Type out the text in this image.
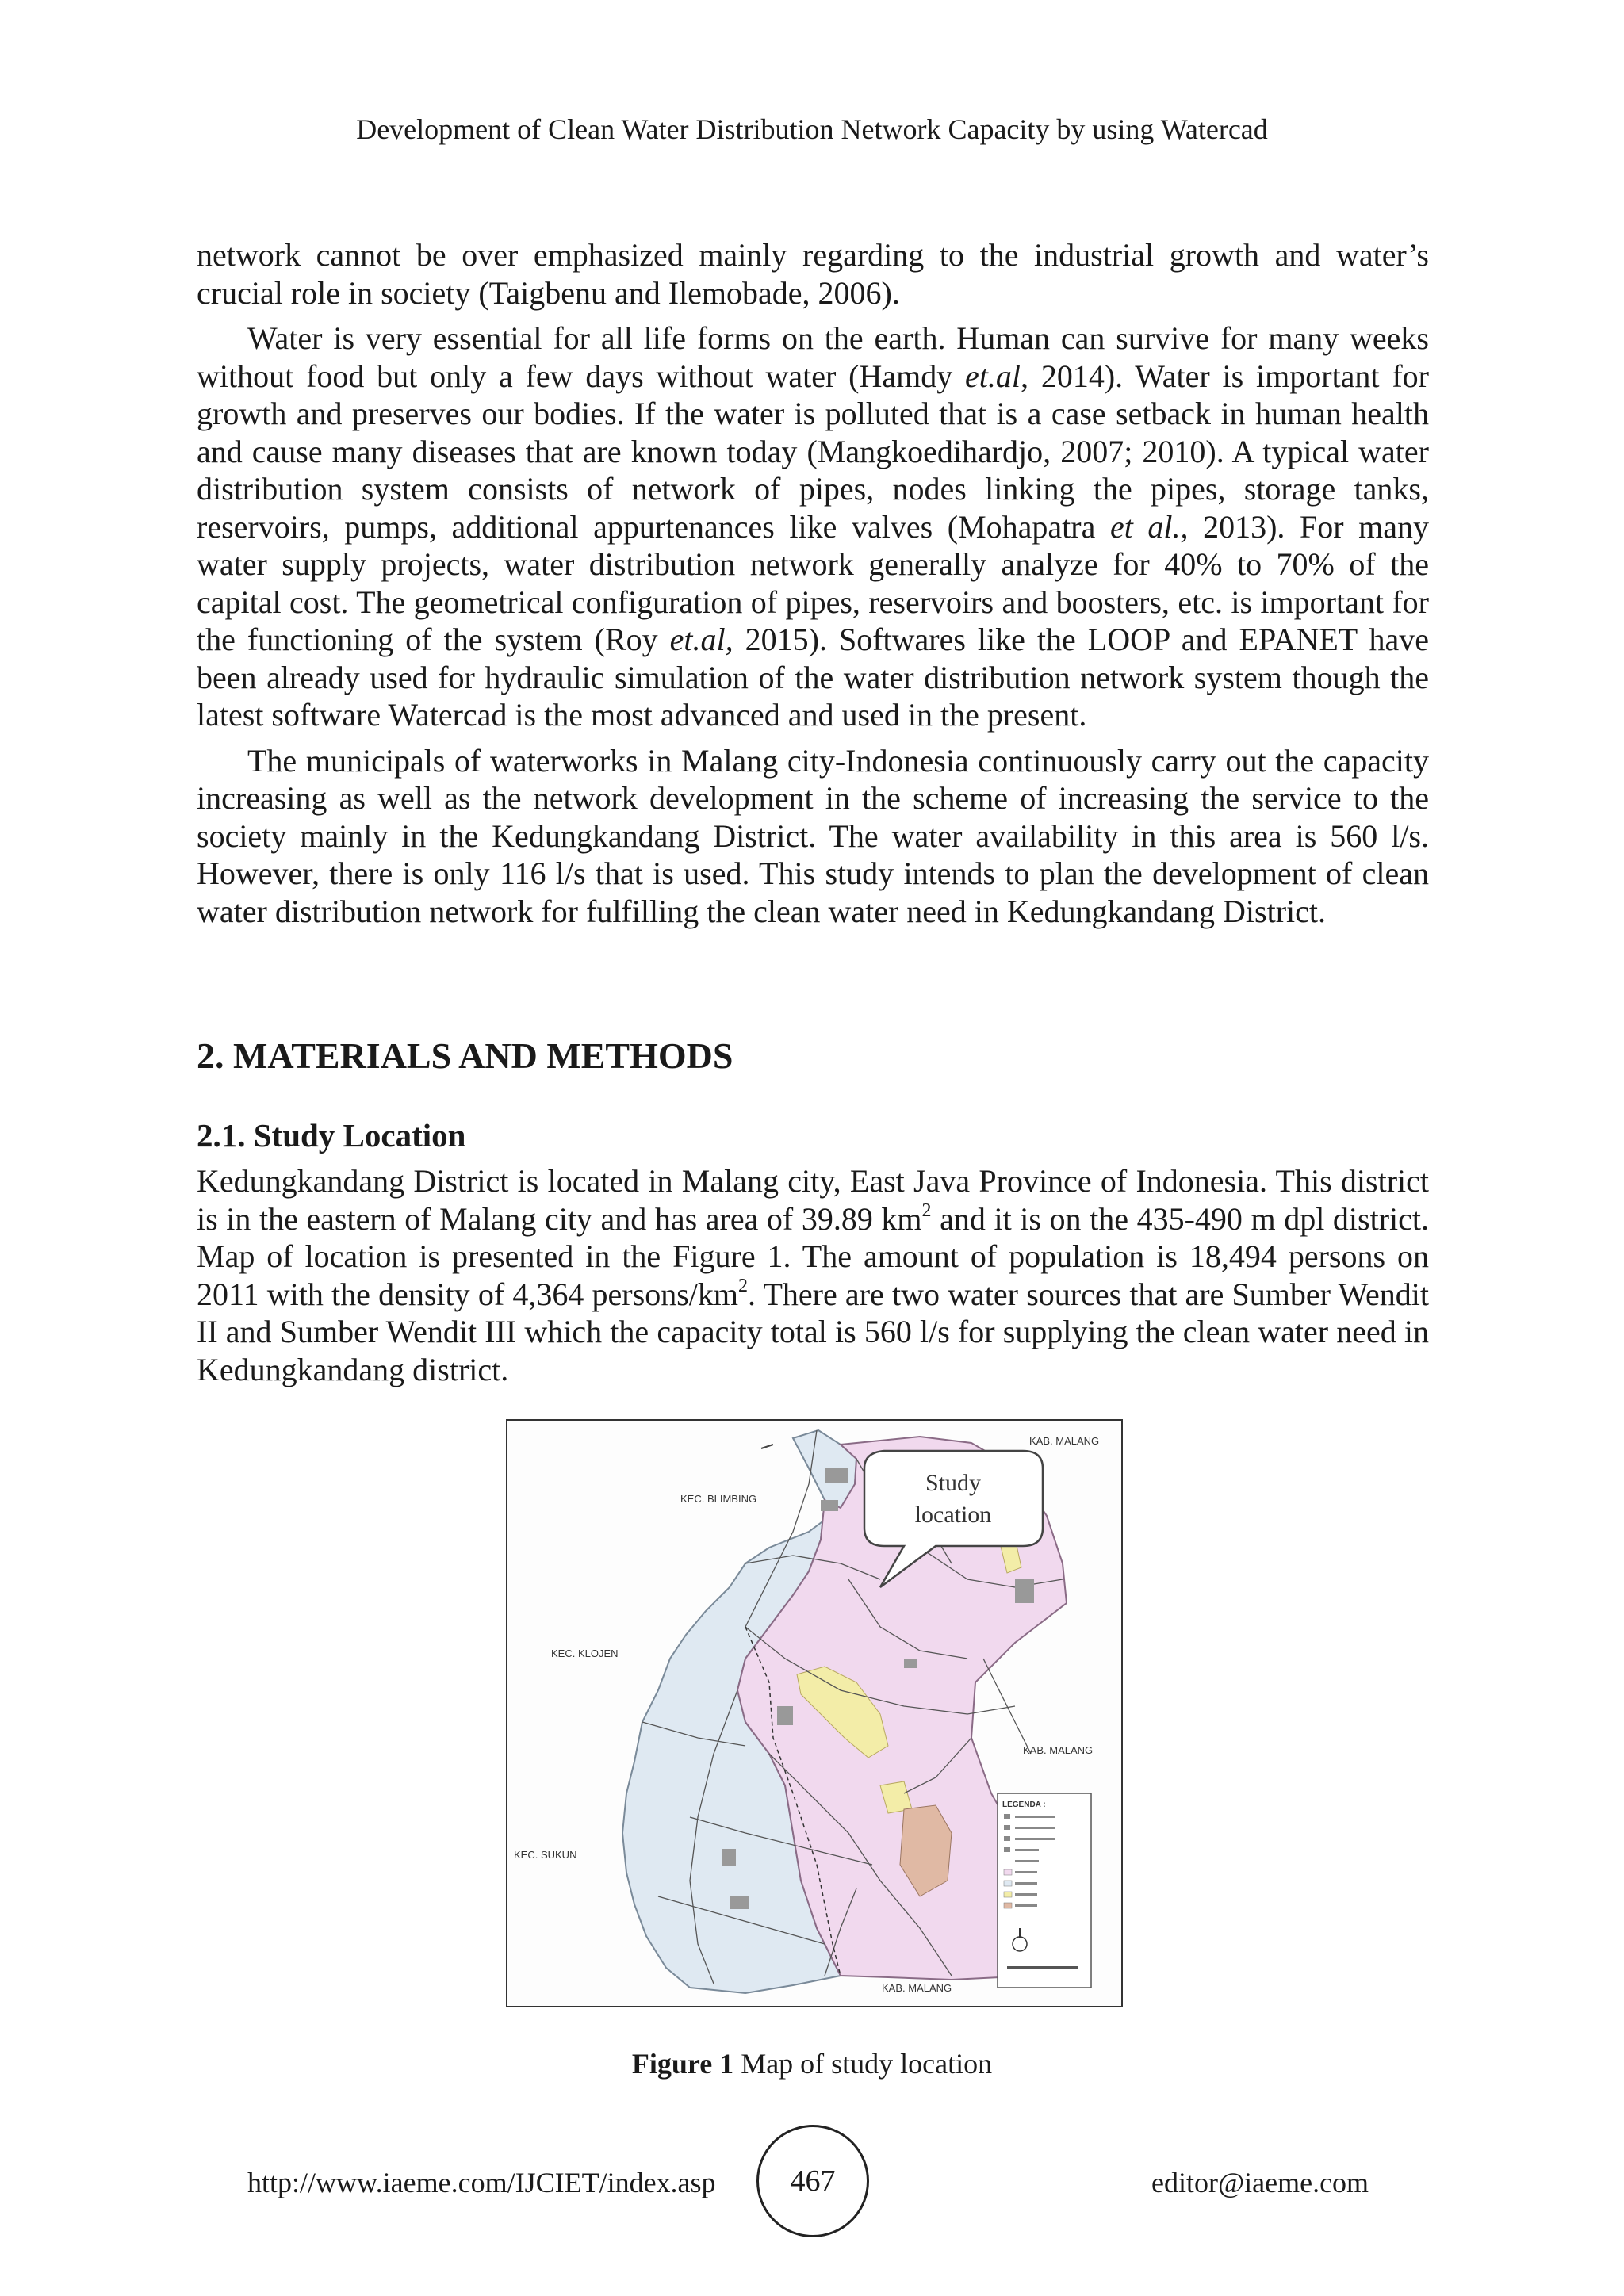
Development of Clean Water Distribution Network Capacity by using Watercad

network cannot be over emphasized mainly regarding to the industrial growth and water’s crucial role in society (Taigbenu and Ilemobade, 2006).

Water is very essential for all life forms on the earth. Human can survive for many weeks without food but only a few days without water (Hamdy et.al, 2014). Water is important for growth and preserves our bodies. If the water is polluted that is a case setback in human health and cause many diseases that are known today (Mangkoedihardjo, 2007; 2010). A typical water distribution system consists of network of pipes, nodes linking the pipes, storage tanks, reservoirs, pumps, additional appurtenances like valves (Mohapatra et al., 2013). For many water supply projects, water distribution network generally analyze for 40% to 70% of the capital cost. The geometrical configuration of pipes, reservoirs and boosters, etc. is important for the functioning of the system (Roy et.al, 2015). Softwares like the LOOP and EPANET have been already used for hydraulic simulation of the water distribution network system though the latest software Watercad is the most advanced and used in the present.

The municipals of waterworks in Malang city-Indonesia continuously carry out the capacity increasing as well as the network development in the scheme of increasing the service to the society mainly in the Kedungkandang District. The water availability in this area is 560 l/s. However, there is only 116 l/s that is used. This study intends to plan the development of clean water distribution network for fulfilling the clean water need in Kedungkandang District.

2. MATERIALS AND METHODS
2.1. Study Location

Kedungkandang District is located in Malang city, East Java Province of Indonesia. This district is in the eastern of Malang city and has area of 39.89 $km^2$ and it is on the 435-490 m dpl district. Map of location is presented in the Figure 1. The amount of population is 18,494 persons on 2011 with the density of 4,364 persons/$km^2$. There are two water sources that are Sumber Wendit II and Sumber Wendit III which the capacity total is 560 l/s for supplying the clean water need in Kedungkandang district.

Study
location
KAB. MALANG
KEC. BLIMBING
KEC. KLOJEN
KAB. MALANG
KEC. SUKUN
KAB. MALANG
LEGENDA :
Figure 1 Map of study location
http://www.iaeme.com/IJCIET/index.asp	467	editor@iaeme.com
